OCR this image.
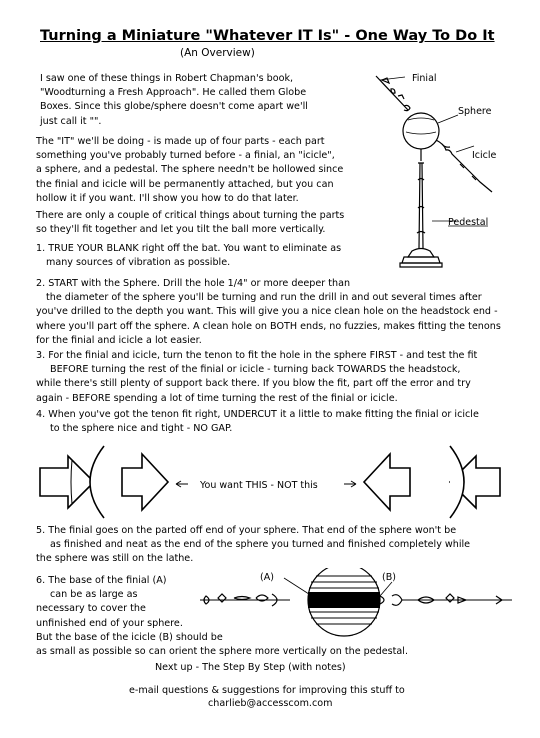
Turning a Miniature "Whatever IT Is" - One Way To Do It
(An Overview)
I saw one of these things in Robert Chapman's book,
"Woodturning a Fresh Approach". He called them Globe
Boxes. Since this globe/sphere doesn't come apart we'll
just call it "".
The "IT" we'll be doing - is made up of four parts - each part
something you've probably turned before - a finial, an "icicle",
a sphere, and a pedestal. The sphere needn't be hollowed since
the finial and icicle will be permanently attached, but you can
hollow it if you want. I'll show you how to do that later.
There are only a couple of critical things about turning the parts
so they'll fit together and let you tilt the ball more vertically.
1. TRUE YOUR BLANK right off the bat. You want to eliminate as
many sources of vibration as possible.
2. START with the Sphere. Drill the hole 1/4" or more deeper than
the diameter of the sphere you'll be turning and run the drill in and out several times after
you've drilled to the depth you want. This will give you a nice clean hole on the headstock end -
where you'll part off the sphere. A clean hole on BOTH ends, no fuzzies, makes fitting the tenons
for the finial and icicle a lot easier.
3. For the finial and icicle, turn the tenon to fit the hole in the sphere FIRST - and test the fit
BEFORE turning the rest of the finial or icicle - turning back TOWARDS the headstock,
while there's still plenty of support back there. If you blow the fit, part off the error and try
again - BEFORE spending a lot of time turning the rest of the finial or icicle.
4. When you've got the tenon fit right, UNDERCUT it a little to make fitting the finial or icicle
to the sphere nice and tight - NO GAP.
5. The finial goes on the parted off end of your sphere. That end of the sphere won't be
as finished and neat as the end of the sphere you turned and finished completely while
the sphere was still on the lathe.
6. The base of the finial (A)
can be as large as
necessary to cover the
unfinished end of your sphere.
But the base of the icicle (B) should be
as small as possible so can orient the sphere more vertically on the pedestal.
Next up - The Step By Step (with notes)
e-mail questions & suggestions for improving this stuff to
charlieb@accesscom.com
Finial
Sphere
Icicle
Pedestal
You want THIS - NOT this
(A)	(B)
